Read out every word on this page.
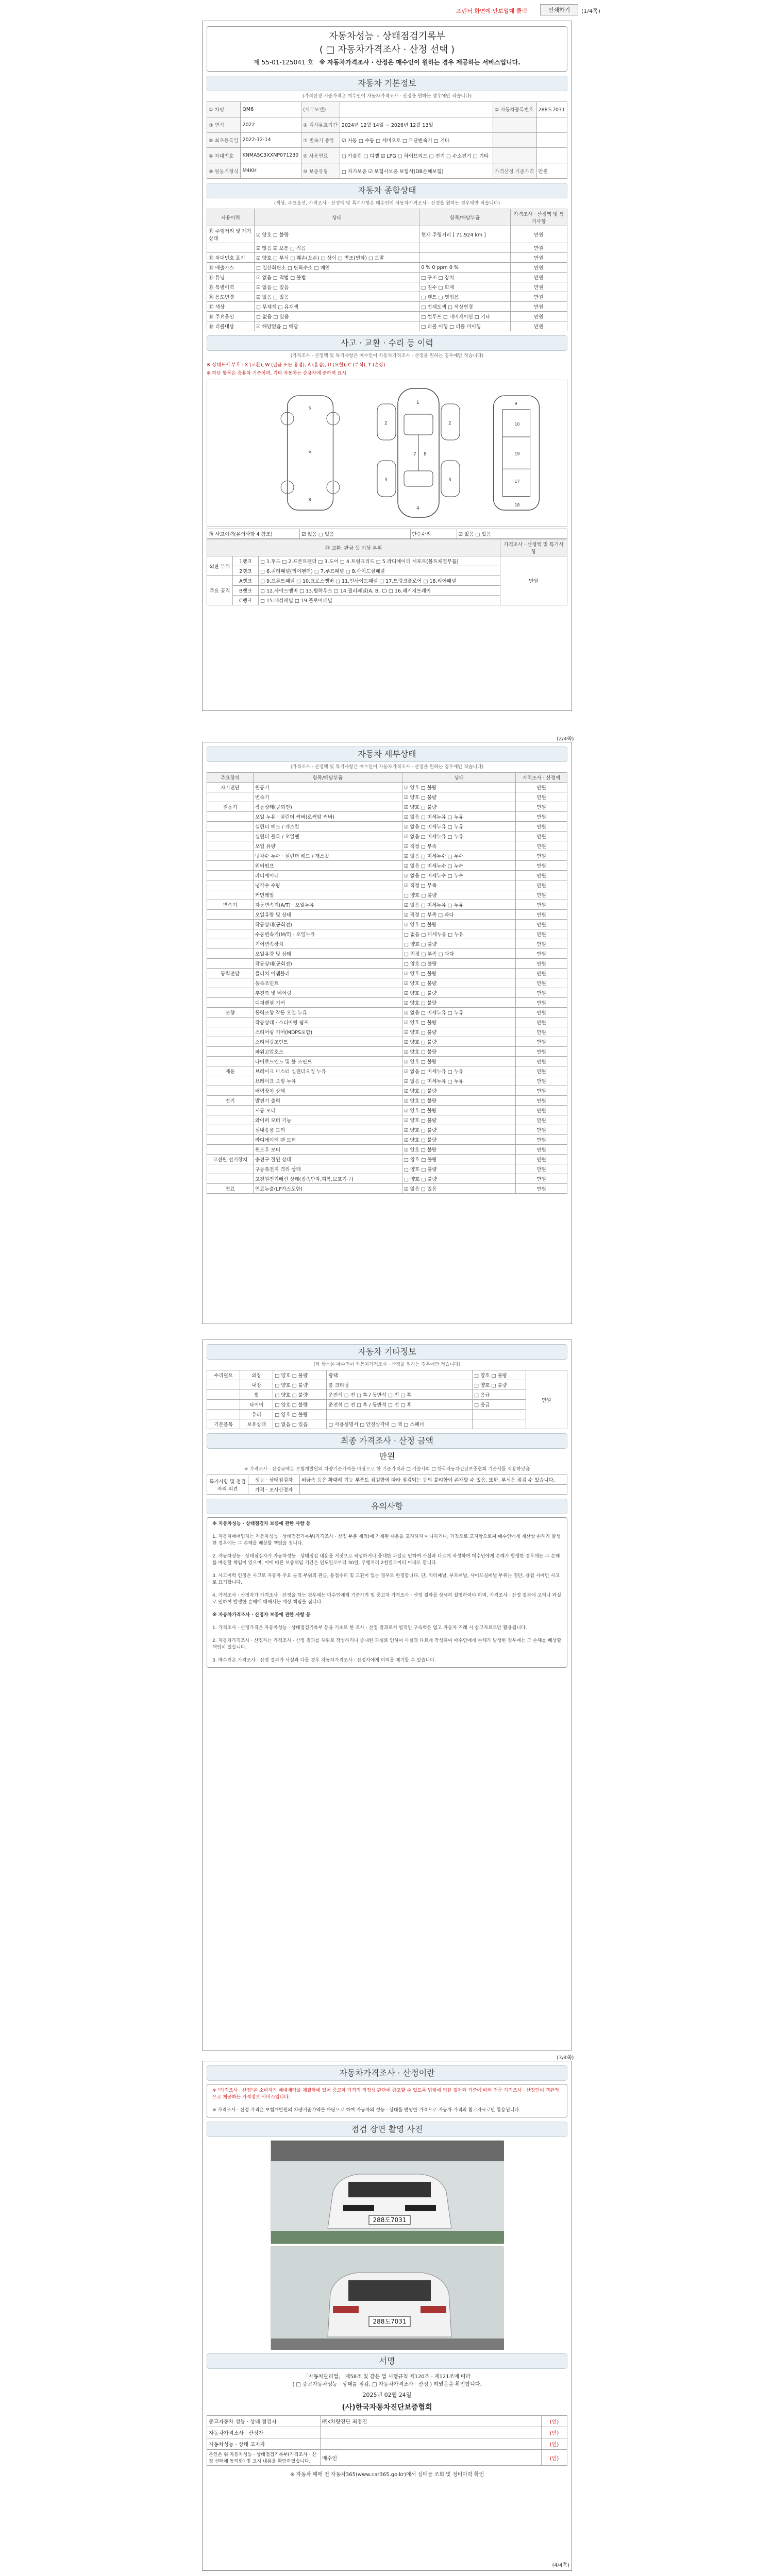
프린터 화면에 안보일때 클릭	인쇄하기	(1/4쪽)
자동차성능 · 상태점검기록부
( □ 자동차가격조사 · 산정 선택 )
제 55-01-125041 호 ※ 자동차가격조사 · 산정은 매수인이 원하는 경우 제공하는 서비스입니다.
자동차 기본정보
(가격산정 기준가격은 매수인이 자동차가격조사 · 산정을 원하는 경우에만 적습니다)
① 차명	QM6	(세부모델)		② 자동차등록번호	288도7031
③ 연식	2022	④ 검사유효기간	2024년 12월 14일 ~ 2026년 12월 13일		
⑤ 최초등록일	2022-12-14	⑦ 변속기 종류	☑ 자동 □ 수동 □ 세미오토 □ 무단변속기 □ 기타		
⑥ 차대번호	KNMA5C3XXNP071230	⑧ 사용연료	□ 가솔린 □ 디젤 ☑ LPG □ 하이브리드 □ 전기 □ 수소전기 □ 기타		
⑨ 원동기형식	M4KH	⑩ 보증유형	□ 자가보증 ☑ 보험사보증 보험사(DB손해보험)	가격산정 기준가격	만원
자동차 종합상태
(색상, 주요옵션, 가격조사 · 산정액 및 특기사항은 매수인이 자동차가격조사 · 산정을 원하는 경우에만 적습니다)
사용이력	상태	항목/해당부품	가격조사 · 산정액 및 특기사항
⑪ 주행거리 및 계기상태	☑ 양호 □ 불량	현재 주행거리 [ 71,924 km ]	만원
	☑ 많음 ☑ 보통 □ 적음		만원
⑫ 차대번호 표기	☑ 양호 □ 부식 □ 훼손(오손) □ 상이 □ 변조(변타) □ 도말		만원
⑬ 배출가스	□ 일산화탄소 □ 탄화수소 □ 매연	0 % 0 ppm 0 %	만원
⑭ 튜닝	☑ 없음 □ 적법 □ 불법	□ 구조 □ 장치	만원
⑮ 특별이력	☑ 없음 □ 있음	□ 침수 □ 화재	만원
⑯ 용도변경	☑ 없음 □ 있음	□ 렌트 □ 영업용	만원
⑰ 색상	□ 무채색 □ 유채색	□ 전체도색 □ 색상변경	만원
⑱ 주요옵션	□ 없음 □ 있음	□ 썬루프 □ 네비게이션 □ 기타	만원
⑲ 리콜대상	☑ 해당없음 □ 해당	□ 리콜 이행 □ 리콜 미이행	만원
사고 · 교환 · 수리 등 이력
(가격조사 · 산정액 및 특기사항은 매수인이 자동차가격조사 · 산정을 원하는 경우에만 적습니다)
※ 상태표시 부호 : X (교환), W (판금 또는 용접), A (흠집), U (요철), C (부식), T (손상)
※ 하단 항목은 승용차 기준이며, 기타 자동차는 승용차에 준하여 표시
1
2	2
3	3
4
7 8
9
10
19
17
18
5
6
8
⑳ 사고이력(유의사항 4 참조)	☑ 없음 □ 있음	단순수리	☑ 없음 □ 있음
㉑ 교환, 판금 등 이상 부위			가격조사 · 산정액 및 특기사항
외판 부위	1랭크	□ 1.후드 □ 2.프론트펜더 □ 3.도어 □ 4.트렁크리드 □ 5.라디에이터 서포트(볼트체결부품)	만원
	2랭크	□ 6.쿼터패널(리어펜더) □ 7.루프패널 □ 8.사이드실패널	
주요 골격	A랭크	□ 9.프론트패널 □ 10.크로스멤버 □ 11.인사이드패널 □ 17.트렁크플로어 □ 18.리어패널	
	B랭크	□ 12.사이드멤버 □ 13.휠하우스 □ 14.필러패널(A, B, C) □ 16.패키지트레이	
	C랭크	□ 15.대쉬패널 □ 19.플로어패널	
(2/4쪽)
자동차 세부상태
(가격조사 · 산정액 및 특기사항은 매수인이 자동차가격조사 · 산정을 원하는 경우에만 적습니다)
주요장치	항목/해당부품	상태	가격조사 · 산정액
자기진단	원동기	☑ 양호 □ 불량	만원
	변속기	☑ 양호 □ 불량	만원
원동기	작동상태(공회전)	☑ 양호 □ 불량	만원
	오일 누유 · 실린더 커버(로커암 커버)	☑ 없음 □ 미세누유 □ 누유	만원
	실린더 헤드 / 개스킷	☑ 없음 □ 미세누유 □ 누유	만원
	실린더 블록 / 오일팬	☑ 없음 □ 미세누유 □ 누유	만원
	오일 유량	☑ 적정 □ 부족	만원
	냉각수 누수 · 실린더 헤드 / 개스킷	☑ 없음 □ 미세누수 □ 누수	만원
	워터펌프	☑ 없음 □ 미세누수 □ 누수	만원
	라디에이터	☑ 없음 □ 미세누수 □ 누수	만원
	냉각수 수량	☑ 적정 □ 부족	만원
	커먼레일	□ 양호 □ 불량	만원
변속기	자동변속기(A/T) · 오일누유	☑ 없음 □ 미세누유 □ 누유	만원
	오일유량 및 상태	☑ 적정 □ 부족 □ 과다	만원
	작동상태(공회전)	☑ 양호 □ 불량	만원
	수동변속기(M/T) · 오일누유	□ 없음 □ 미세누유 □ 누유	만원
	기어변속장치	□ 양호 □ 불량	만원
	오일유량 및 상태	□ 적정 □ 부족 □ 과다	만원
	작동상태(공회전)	□ 양호 □ 불량	만원
동력전달	클러치 어셈블리	☑ 양호 □ 불량	만원
	등속조인트	☑ 양호 □ 불량	만원
	추진축 및 베어링	☑ 양호 □ 불량	만원
	디퍼렌셜 기어	☑ 양호 □ 불량	만원
조향	동력조향 작동 오일 누유	☑ 없음 □ 미세누유 □ 누유	만원
	작동상태 · 스티어링 펌프	☑ 양호 □ 불량	만원
	스티어링 기어(MDPS포함)	☑ 양호 □ 불량	만원
	스티어링조인트	☑ 양호 □ 불량	만원
	파워고압호스	☑ 양호 □ 불량	만원
	타이로드엔드 및 볼 조인트	☑ 양호 □ 불량	만원
제동	브레이크 마스터 실린더오일 누유	☑ 없음 □ 미세누유 □ 누유	만원
	브레이크 오일 누유	☑ 없음 □ 미세누유 □ 누유	만원
	배력장치 상태	☑ 양호 □ 불량	만원
전기	발전기 출력	☑ 양호 □ 불량	만원
	시동 모터	☑ 양호 □ 불량	만원
	와이퍼 모터 기능	☑ 양호 □ 불량	만원
	실내송풍 모터	☑ 양호 □ 불량	만원
	라디에이터 팬 모터	☑ 양호 □ 불량	만원
	윈도우 모터	☑ 양호 □ 불량	만원
고전원 전기장치	충전구 절연 상태	□ 양호 □ 불량	만원
	구동축전지 격리 상태	□ 양호 □ 불량	만원
	고전원전기배선 상태(접속단자,피복,보호기구)	□ 양호 □ 불량	만원
연료	연료누출(LP가스포함)	☑ 없음 □ 있음	만원
자동차 기타정보
(타 항목은 매수인이 자동차가격조사 · 산정을 원하는 경우에만 적습니다)
수리필요	외장	□ 양호 □ 불량	광택	□ 양호 □ 불량	만원
	내장	□ 양호 □ 불량	룸 크리닝	□ 양호 □ 불량	
	휠	□ 양호 □ 불량	운전석 □ 전 □ 후 / 동반석 □ 전 □ 후	□ 응급	
	타이어	□ 양호 □ 불량	운전석 □ 전 □ 후 / 동반석 □ 전 □ 후	□ 응급	
	유리	□ 양호 □ 불량			
기본품목	보유상태	□ 없음 □ 있음	□ 사용설명서 □ 안전삼각대 □ 잭 □ 스패너		
최종 가격조사 · 산정 금액
만원
※ 가격조사 · 산정금액은 보험개발원의 차량기준가액을 바탕으로 한 기준가격과 □ 기술사회 □ 한국자동차진단보증협회 기준서를 적용하였음
특기사항 및 점검자의 의견	성능 · 상태점검자	비금속 등은 확대해 기능 부품도 점검함에 따라 점검되는 등의 불리함이 존재할 수 있음. 또한, 부식은 점검 수 있습니다.
	가격 · 조사산정자	
유의사항
※ 자동차성능 · 상태점검자 보증에 관한 사항 등
1. 자동차매매업자는 자동차성능 · 상태점검기록부(가격조사 · 산정 부분 제외)에 기재된 내용을 고지하지 아니하거나, 거짓으로 고지함으로써 매수인에게 재산상 손해가 발생한 경우에는 그 손해를 배상할 책임을 집니다.
2. 자동차성능 · 상태점검자가 자동차성능 · 상태점검 내용을 거짓으로 작성하거나 중대한 과실로 인하여 사실과 다르게 작성하여 매수인에게 손해가 발생한 경우에는 그 손해를 배상할 책임이 있으며, 이에 따른 보증책임 기간은 인도일로부터 30일, 주행거리 2천킬로미터 이내로 합니다.
3. 사고이력 인정은 사고로 자동차 주요 골격 부위의 판금, 용접수리 및 교환이 있는 경우로 한정합니다. 단, 쿼터패널, 루프패널, 사이드실패널 부위는 절단, 용접 시에만 사고로 표기합니다.
4. 가격조사 · 산정자가 가격조사 · 산정을 하는 경우에는 매수인에게 기준가격 및 중고차 가격조사 · 산정 결과를 상세히 설명하여야 하며, 가격조사 · 산정 결과에 고의나 과실로 인하여 발생한 손해에 대해서는 배상 책임을 집니다.
※ 자동차가격조사 · 산정자 보증에 관한 사항 등
1. 가격조사 · 산정가격은 자동차성능 · 상태점검기록부 등을 기초로 한 조사 · 산정 결과로서 법적인 구속력은 없고 자동차 거래 시 참고자료로만 활용됩니다.
2. 자동차가격조사 · 산정자는 가격조사 · 산정 결과를 허위로 작성하거나 중대한 과실로 인하여 사실과 다르게 작성하여 매수인에게 손해가 발생한 경우에는 그 손해를 배상할 책임이 있습니다.
3. 매수인은 가격조사 · 산정 결과가 사실과 다를 경우 자동차가격조사 · 산정자에게 이의를 제기할 수 있습니다.
(3/4쪽)
자동차가격조사 · 산정이란
※ "가격조사 · 산정"은 소비자가 매매계약을 체결함에 있어 중고차 가격의 적정성 판단에 참고할 수 있도록 법령에 의한 절차와 기준에 따라 전문 가격조사 · 산정인이 객관적으로 제공하는 가격정보 서비스입니다.
※ 가격조사 · 산정 가격은 보험개발원의 차량기준가액을 바탕으로 하여 자동차의 성능 · 상태를 반영한 가격으로 자동차 가격의 참고자료로만 활용됩니다.
점검 장면 촬영 사진
288도7031
288도7031
서명
「자동차관리법」 제58조 및 같은 법 시행규칙 제120조 · 제121조에 따라
( □ 중고자동차성능 · 상태를 점검, □ 자동차가격조사 · 산정 ) 하였음을 확인합니다.
2025년 02월 24일
(사)한국자동차진단보증협회
중고자동차 성능 · 상태 점검자	㈜K차량진단 최정진	(인)
자동차가격조사 · 산정자		(인)
자동차성능 · 상태 고지자		(인)
본인은 위 자동차성능 · 상태점검기록부(가격조사 · 산정 선택에 동의함) 및 고지 내용을 확인하였습니다.	매수인	(인)
※ 자동차 매매 전 자동차365(www.car365.go.kr)에서 실매물 조회 및 정비이력 확인
(4/4쪽)
